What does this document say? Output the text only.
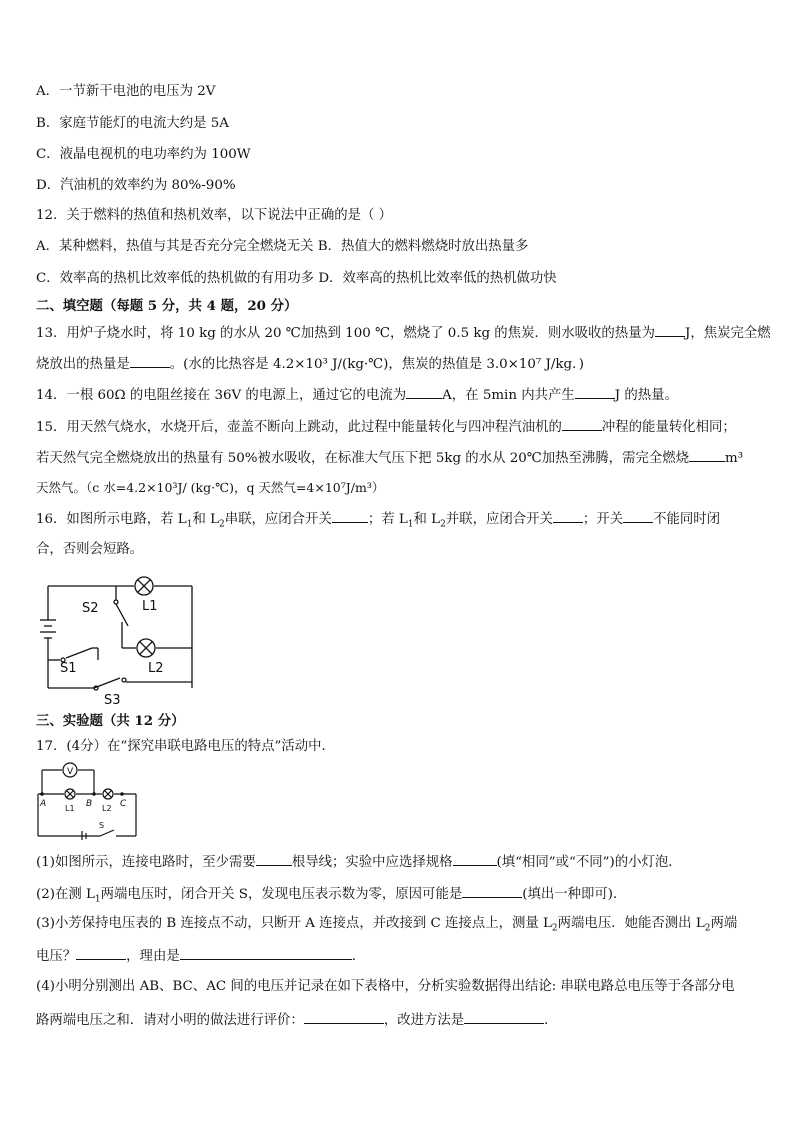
A．一节新干电池的电压为 2V
B．家庭节能灯的电流大约是 5A
C．液晶电视机的电功率约为 100W
D．汽油机的效率约为 80%-90%
12．关于燃料的热值和热机效率，以下说法中正确的是（ ）
A．某种燃料，热值与其是否充分完全燃烧无关 B．热值大的燃料燃烧时放出热量多
C．效率高的热机比效率低的热机做的有用功多 D．效率高的热机比效率低的热机做功快
二、填空题（每题 5 分，共 4 题，20 分）
13．用炉子烧水时，将 10 kg 的水从 20 ℃加热到 100 ℃，燃烧了 0.5 kg 的焦炭．则水吸收的热量为 J，焦炭完全燃
烧放出的热量是	。(水的比热容是 4.2×10³ J/(kg·℃)，焦炭的热值是 3.0×10⁷ J/kg．)
14．一根 60Ω 的电阻丝接在 36V 的电源上，通过它的电流为	A，在 5min 内共产生	J 的热量。
15．用天然气烧水，水烧开后，壶盖不断向上跳动，此过程中能量转化与四冲程汽油机的	冲程的能量转化相同；
若天然气完全燃烧放出的热量有 50%被水吸收，在标准大气压下把 5kg 的水从 20℃加热至沸腾，需完全燃烧	m³
天然气。（c 水=4.2×10³J/ (kg·℃)，q 天然气=4×10⁷J/m³）
16．如图所示电路，若 $L_1$和 $L_2$串联，应闭合开关	；若 $L_1$和 $L_2$并联，应闭合开关 ；开关 不能同时闭
合，否则会短路。
S2	L1
S1	L2
S3
三、实验题（共 12 分）
17．(4分）在“探究串联电路电压的特点”活动中．
V
A	B	C
L1	L2
S
(1)如图所示，连接电路时，至少需要	根导线；实验中应选择规格	(填“相同”或“不同”)的小灯泡．
(2)在测 $L_1$两端电压时，闭合开关 S，发现电压表示数为零，原因可能是	(填出一种即可)．
(3)小芳保持电压表的 B 连接点不动，只断开 A 连接点，并改接到 C 连接点上，测量 $L_2$两端电压．她能否测出 $L_2$两端
电压？	，理由是	．
(4)小明分别测出 AB、BC、AC 间的电压并记录在如下表格中，分析实验数据得出结论: 串联电路总电压等于各部分电
路两端电压之和．请对小明的做法进行评价：	，改进方法是	．
